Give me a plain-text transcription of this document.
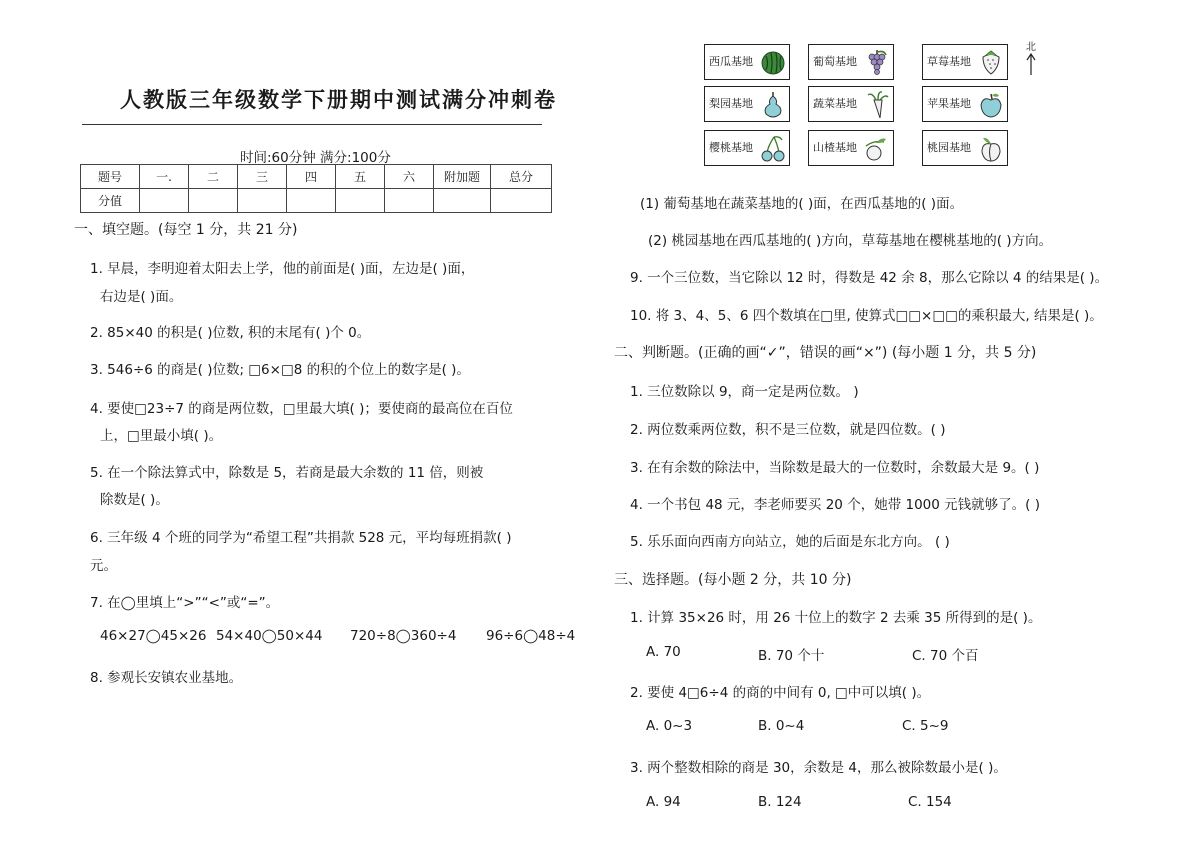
人教版三年级数学下册期中测试满分冲刺卷
时间:60分钟 满分:100分
题号	一.	二	三	四	五	六	附加题	总分
分值								
一、填空题。(每空 1 分，共 21 分)
1. 早晨，李明迎着太阳去上学，他的前面是( )面，左边是( )面，
右边是( )面。
2. 85×40 的积是( )位数, 积的末尾有( )个 0。
3. 546÷6 的商是( )位数; □6×□8 的积的个位上的数字是( )。
4. 要使□23÷7 的商是两位数，□里最大填( )；要使商的最高位在百位
上，□里最小填( )。
5. 在一个除法算式中，除数是 5，若商是最大余数的 11 倍，则被
除数是( )。
6. 三年级 4 个班的同学为“希望工程”共捐款 528 元，平均每班捐款( )
元。
7. 在◯里填上“>”“<”或“=”。
46×27◯45×26 54×40◯50×44 720÷8◯360÷4 96÷6◯48÷4
8. 参观长安镇农业基地。
北
西瓜基地	葡萄基地	草莓基地
梨园基地	蔬菜基地	苹果基地
樱桃基地	山楂基地	桃园基地
(1) 葡萄基地在蔬菜基地的( )面，在西瓜基地的( )面。
(2) 桃园基地在西瓜基地的( )方向，草莓基地在樱桃基地的( )方向。
9. 一个三位数，当它除以 12 时，得数是 42 余 8，那么它除以 4 的结果是( )。
10. 将 3、4、5、6 四个数填在□里, 使算式□□×□□的乘积最大, 结果是( )。
二、判断题。(正确的画“✓”，错误的画“×”) (每小题 1 分，共 5 分)
1. 三位数除以 9，商一定是两位数。 )
2. 两位数乘两位数，积不是三位数，就是四位数。( )
3. 在有余数的除法中，当除数是最大的一位数时，余数最大是 9。( )
4. 一个书包 48 元，李老师要买 20 个，她带 1000 元钱就够了。( )
5. 乐乐面向西南方向站立，她的后面是东北方向。 ( )
三、选择题。(每小题 2 分，共 10 分)
1. 计算 35×26 时，用 26 十位上的数字 2 去乘 35 所得到的是( )。
A. 70	B. 70 个十	C. 70 个百
2. 要使 4□6÷4 的商的中间有 0, □中可以填( )。
A. 0~3	B. 0~4	C. 5~9
3. 两个整数相除的商是 30，余数是 4，那么被除数最小是( )。
A. 94	B. 124	C. 154
